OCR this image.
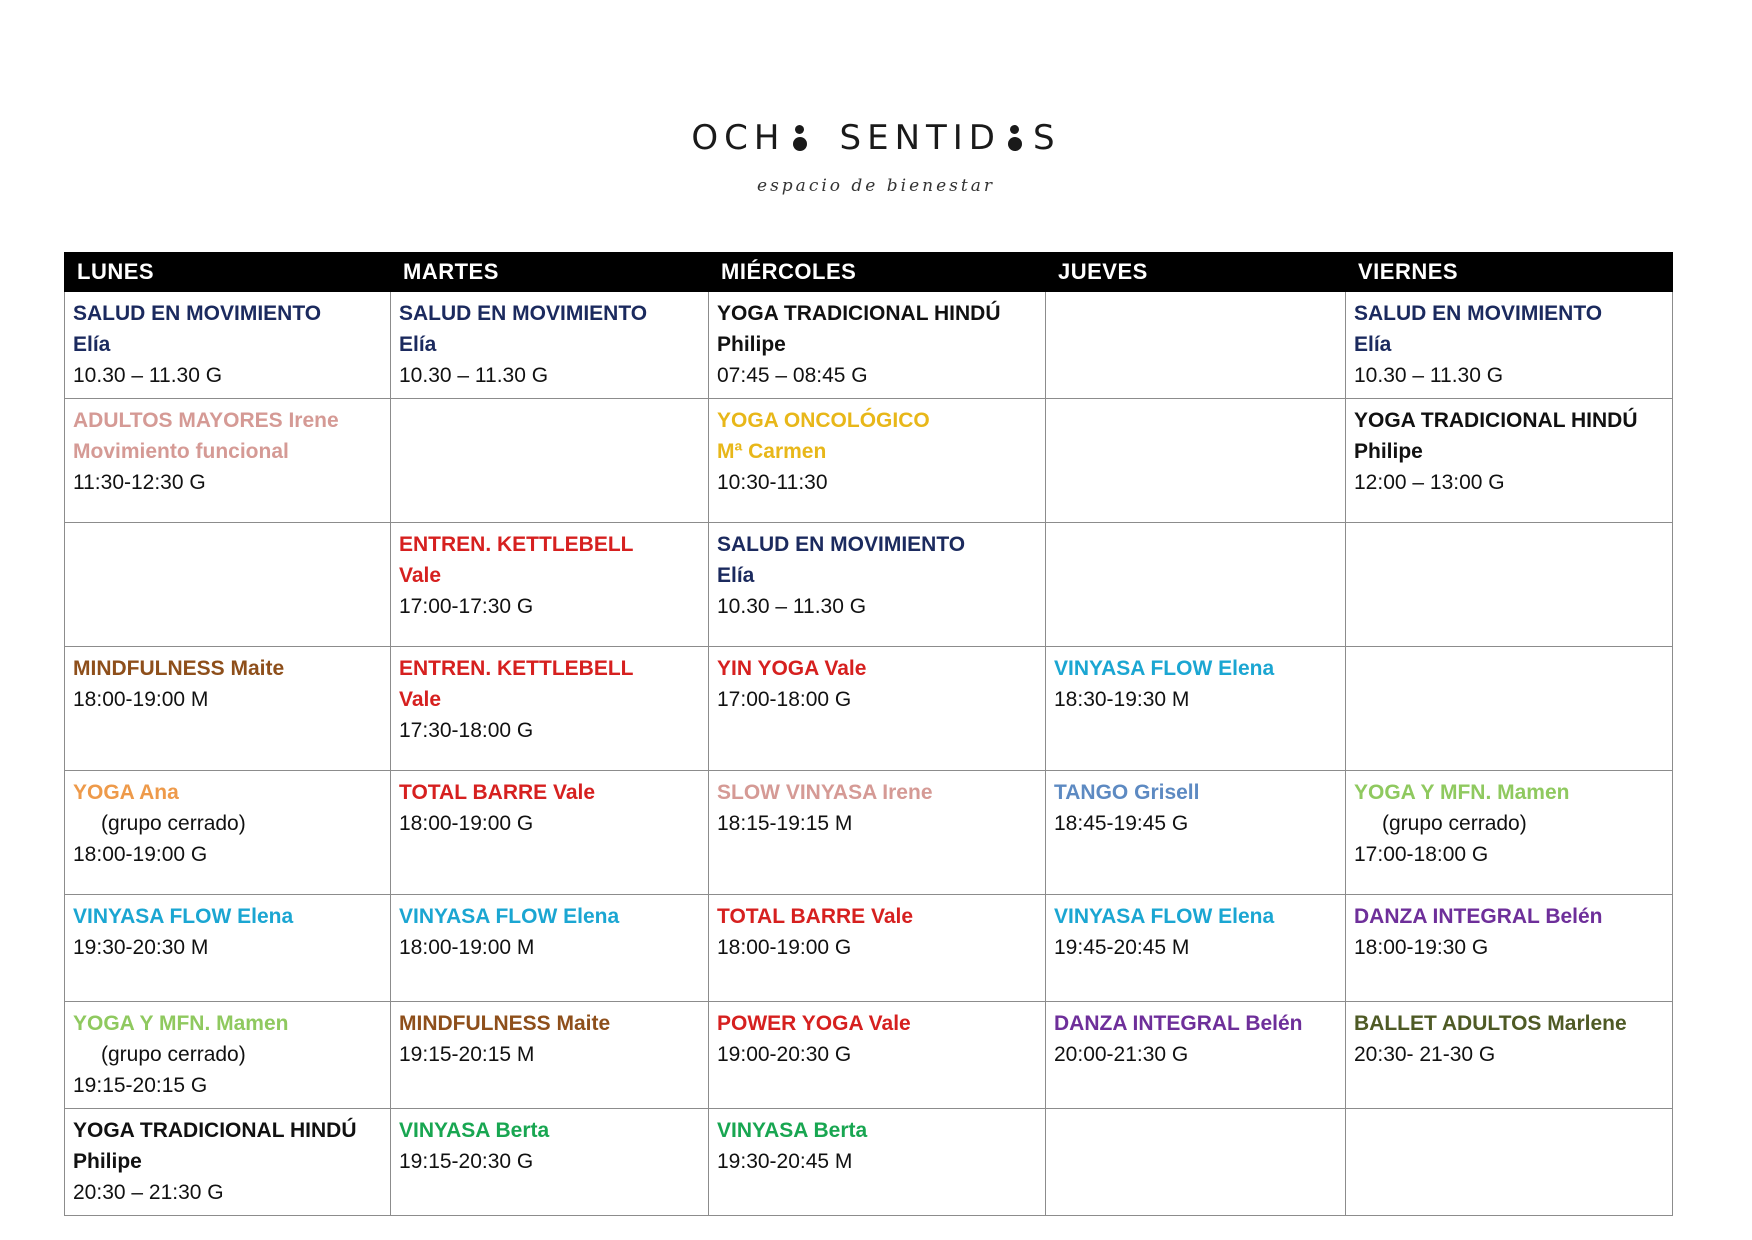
OCH SENTID S
espacio de bienestar
LUNES	MARTES	MIÉRCOLES	JUEVES	VIERNES

SALUD EN MOVIMIENTO
Elía
10.30 – 11.30 G	SALUD EN MOVIMIENTO
Elía
10.30 – 11.30 G	YOGA TRADICIONAL HINDÚ
Philipe
07:45 – 08:45 G		SALUD EN MOVIMIENTO
Elía
10.30 – 11.30 G

ADULTOS MAYORES Irene
Movimiento funcional
11:30-12:30 G		YOGA ONCOLÓGICO
Mª Carmen
10:30-11:30		YOGA TRADICIONAL HINDÚ
Philipe
12:00 – 13:00 G

	ENTREN. KETTLEBELL
Vale
17:00-17:30 G	SALUD EN MOVIMIENTO
Elía
10.30 – 11.30 G		

MINDFULNESS Maite
18:00-19:00 M	ENTREN. KETTLEBELL
Vale
17:30-18:00 G	YIN YOGA Vale
17:00-18:00 G	VINYASA FLOW Elena
18:30-19:30 M	

YOGA Ana
(grupo cerrado)
18:00-19:00 G	TOTAL BARRE Vale
18:00-19:00 G	SLOW VINYASA Irene
18:15-19:15 M	TANGO Grisell
18:45-19:45 G	YOGA Y MFN. Mamen
(grupo cerrado)
17:00-18:00 G

VINYASA FLOW Elena
19:30-20:30 M	VINYASA FLOW Elena
18:00-19:00 M	TOTAL BARRE Vale
18:00-19:00 G	VINYASA FLOW Elena
19:45-20:45 M	DANZA INTEGRAL Belén
18:00-19:30 G

YOGA Y MFN. Mamen
(grupo cerrado)
19:15-20:15 G	MINDFULNESS Maite
19:15-20:15 M	POWER YOGA Vale
19:00-20:30 G	DANZA INTEGRAL Belén
20:00-21:30 G	BALLET ADULTOS Marlene
20:30- 21-30 G

YOGA TRADICIONAL HINDÚ
Philipe
20:30 – 21:30 G	VINYASA Berta
19:15-20:30 G	VINYASA Berta
19:30-20:45 M		
